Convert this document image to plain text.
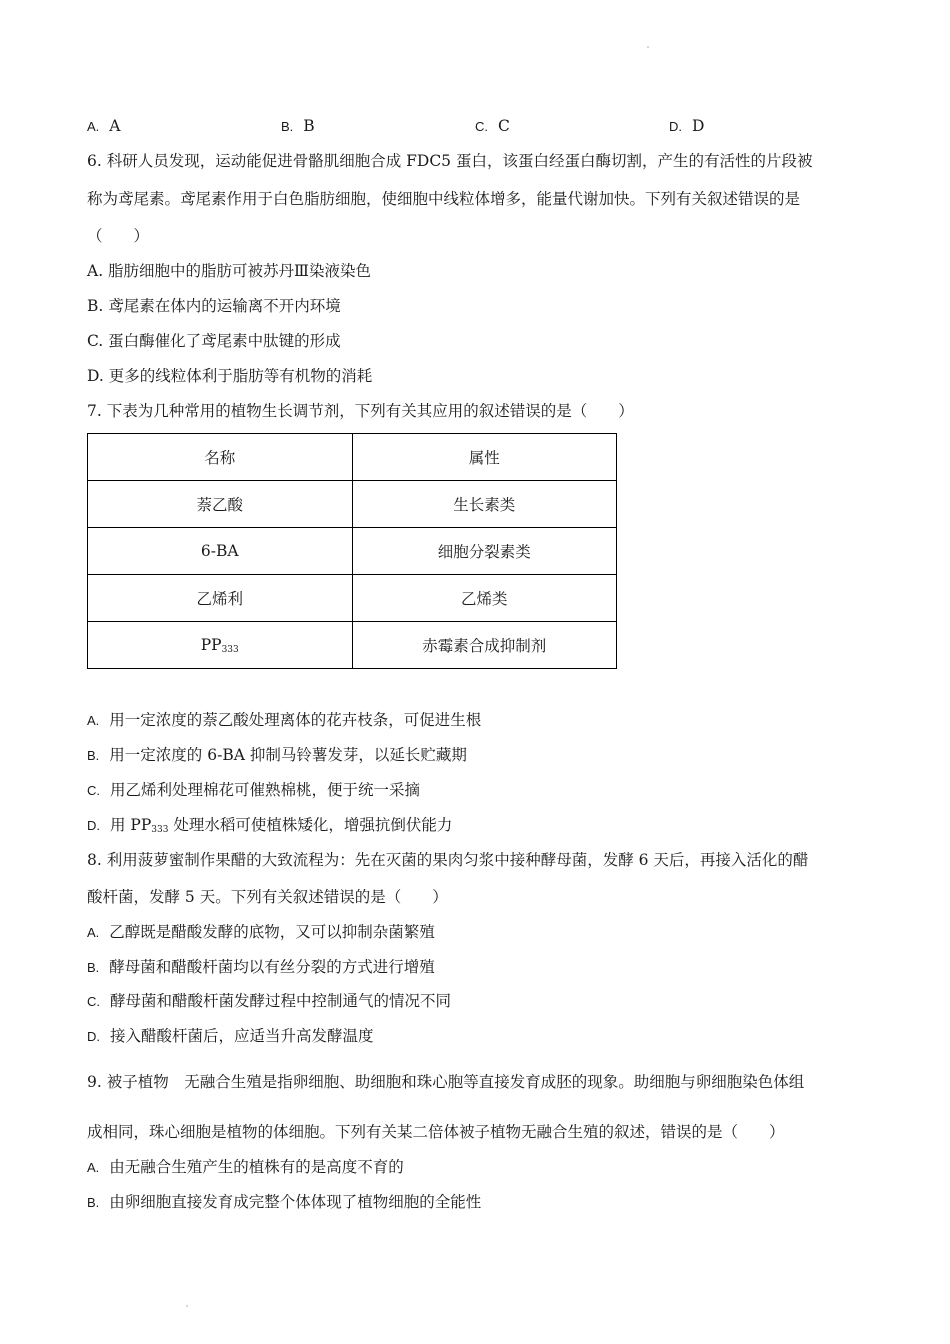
A. A	B. B	C. C	D. D
6. 科研人员发现，运动能促进骨骼肌细胞合成 FDC5 蛋白，该蛋白经蛋白酶切割，产生的有活性的片段被
称为鸢尾素。鸢尾素作用于白色脂肪细胞，使细胞中线粒体增多，能量代谢加快。下列有关叙述错误的是
（　　）
A. 脂肪细胞中的脂肪可被苏丹Ⅲ染液染色
B. 鸢尾素在体内的运输离不开内环境
C. 蛋白酶催化了鸢尾素中肽键的形成
D. 更多的线粒体利于脂肪等有机物的消耗
7. 下表为几种常用的植物生长调节剂，下列有关其应用的叙述错误的是（　　）
名称	属性
萘乙酸	生长素类
6-BA	细胞分裂素类
乙烯利	乙烯类
$PP_{333}$	赤霉素合成抑制剂
A. 用一定浓度的萘乙酸处理离体的花卉枝条，可促进生根
B. 用一定浓度的 6-BA 抑制马铃薯发芽，以延长贮藏期
C. 用乙烯利处理棉花可催熟棉桃，便于统一采摘
D. 用 $PP_{333}$ 处理水稻可使植株矮化，增强抗倒伏能力
8. 利用菠萝蜜制作果醋的大致流程为：先在灭菌的果肉匀浆中接种酵母菌，发酵 6 天后，再接入活化的醋
酸杆菌，发酵 5 天。下列有关叙述错误的是（　　）
A. 乙醇既是醋酸发酵的底物，又可以抑制杂菌繁殖
B. 酵母菌和醋酸杆菌均以有丝分裂的方式进行增殖
C. 酵母菌和醋酸杆菌发酵过程中控制通气的情况不同
D. 接入醋酸杆菌后，应适当升高发酵温度
9. 被子植物　无融合生殖是指卵细胞、助细胞和珠心胞等直接发育成胚的现象。助细胞与卵细胞染色体组
成相同，珠心细胞是植物的体细胞。下列有关某二倍体被子植物无融合生殖的叙述，错误的是（　　）
A. 由无融合生殖产生的植株有的是高度不育的
B. 由卵细胞直接发育成完整个体体现了植物细胞的全能性
